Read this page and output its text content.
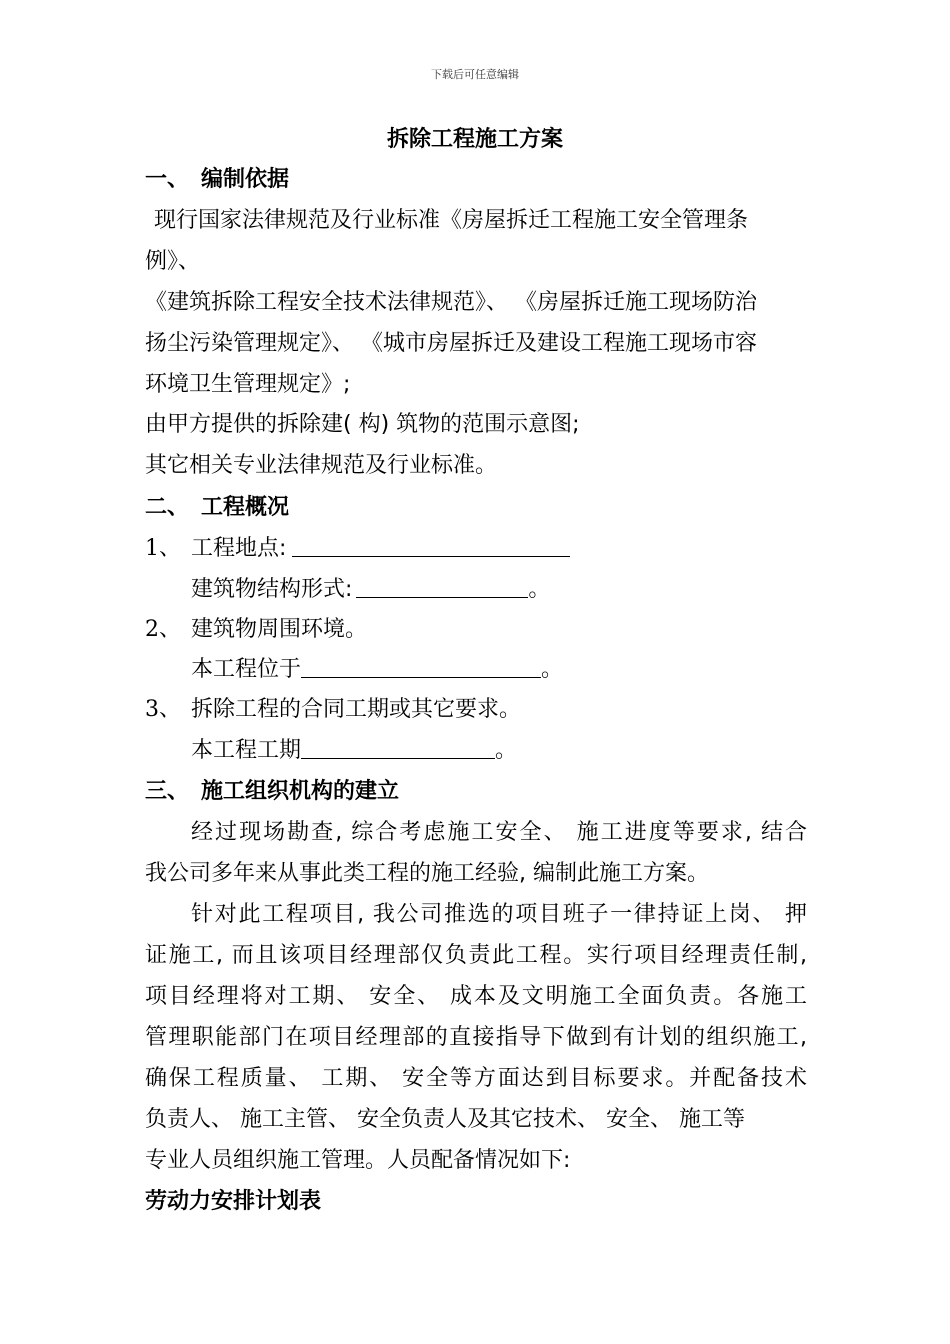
下载后可任意编辑
拆除工程施工方案
一、 编制依据
现行国家法律规范及行业标准《房屋拆迁工程施工安全管理条
例》、
《建筑拆除工程安全技术法律规范》、 《房屋拆迁施工现场防治
扬尘污染管理规定》、 《城市房屋拆迁及建设工程施工现场市容
环境卫生管理规定》;
由甲方提供的拆除建( 构) 筑物的范围示意图;
其它相关专业法律规范及行业标准。
二、 工程概况
1、 工程地点:
建筑物结构形式:	。
2、 建筑物周围环境。
本工程位于	。
3、 拆除工程的合同工期或其它要求。
本工程工期	。
三、 施工组织机构的建立
经过现场勘查, 综合考虑施工安全、 施工进度等要求, 结合
我公司多年来从事此类工程的施工经验, 编制此施工方案。
针对此工程项目, 我公司推选的项目班子一律持证上岗、 押
证施工, 而且该项目经理部仅负责此工程。实行项目经理责任制,
项目经理将对工期、 安全、 成本及文明施工全面负责。各施工
管理职能部门在项目经理部的直接指导下做到有计划的组织施工,
确保工程质量、 工期、 安全等方面达到目标要求。并配备技术
负责人、 施工主管、 安全负责人及其它技术、 安全、 施工等
专业人员组织施工管理。人员配备情况如下:
劳动力安排计划表
